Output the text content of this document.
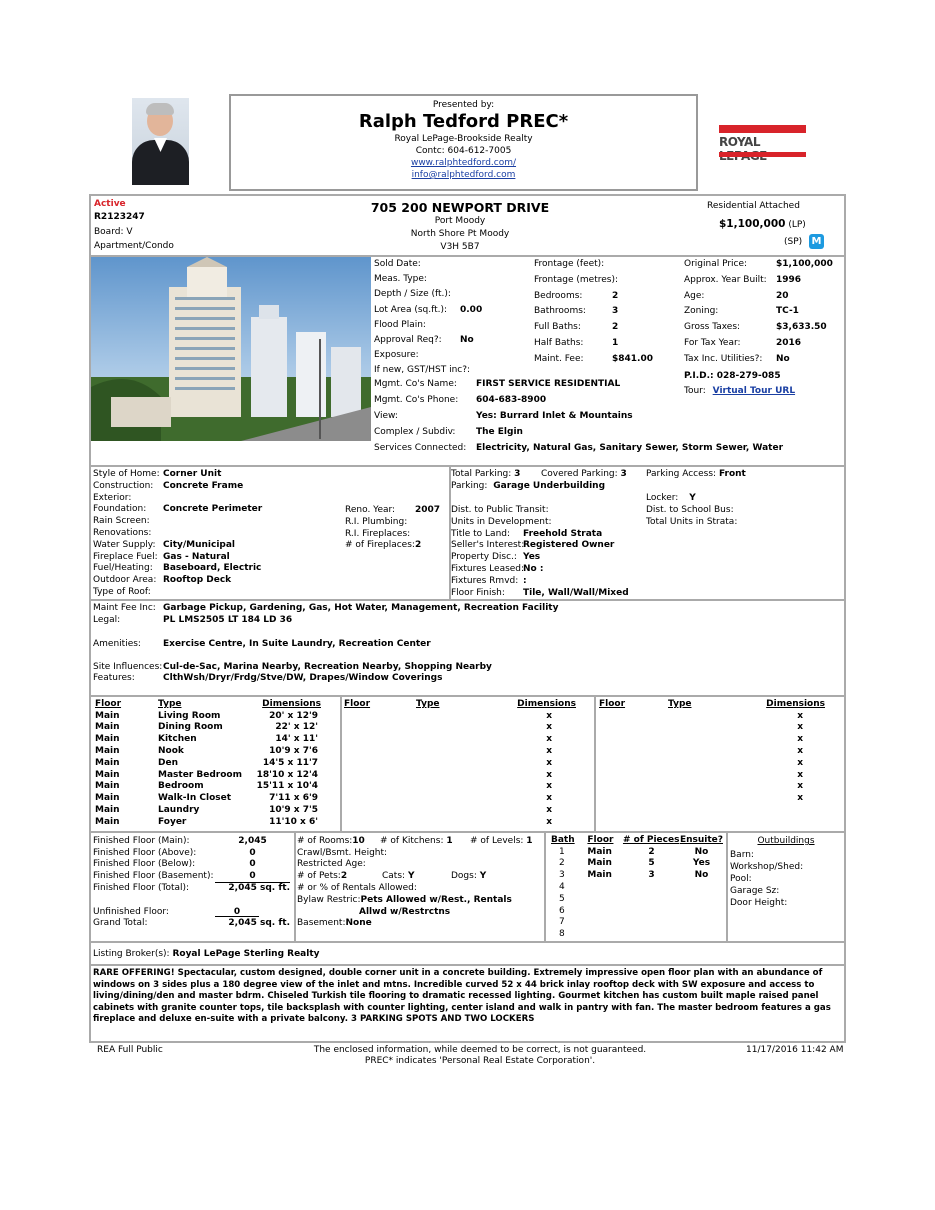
Presented by:
Ralph Tedford PREC*
Royal LePage-Brookside Realty
Contc: 604-612-7005
www.ralphtedford.com/
info@ralphtedford.com
ROYAL
Active
R2123247
Board: V
Apartment/Condo
705 200 NEWPORT DRIVE
Port Moody
North Shore Pt Moody
V3H 5B7
Residential Attached
$1,100,000 (LP)
(SP) M
Sold Date:
Meas. Type:
Depth / Size (ft.):
Lot Area (sq.ft.): 0.00
Flood Plain:
Approval Req?: No
Exposure:
If new, GST/HST inc?:
Frontage (feet):
Frontage (metres):
Bedrooms:	2
Bathrooms:	3
Full Baths:	2
Half Baths:	1
Maint. Fee:	$841.00
Original Price:	$1,100,000
Approx. Year Built: 1996
Age:	20
Zoning:	TC-1
Gross Taxes:	$3,633.50
For Tax Year:	2016
Tax Inc. Utilities?: No
P.I.D.: 028-279-085
Tour: Virtual Tour URL
Mgmt. Co's Name: FIRST SERVICE RESIDENTIAL
Mgmt. Co's Phone: 604-683-8900
View:	Yes: Burrard Inlet & Mountains
Complex / Subdiv: The Elgin
Services Connected: Electricity, Natural Gas, Sanitary Sewer, Storm Sewer, Water
Style of Home: Corner Unit
Construction: Concrete Frame
Exterior:
Foundation: Concrete Perimeter
Rain Screen:
Renovations:
Water Supply: City/Municipal
Fireplace Fuel: Gas - Natural
Fuel/Heating: Baseboard, Electric
Outdoor Area: Rooftop Deck
Type of Roof:
Reno. Year: 2007
R.I. Plumbing:
R.I. Fireplaces:
# of Fireplaces:2
Total Parking: 3 Covered Parking: 3 Parking Access: Front
Parking: Garage Underbuilding
Locker: Y
Dist. to Public Transit:
Units in Development:
Title to Land: Freehold Strata
Seller's Interest:Registered Owner
Property Disc.: Yes
Fixtures Leased:No :
Fixtures Rmvd: :
Floor Finish: Tile, Wall/Wall/Mixed
Dist. to School Bus:
Total Units in Strata:
Maint Fee Inc: Garbage Pickup, Gardening, Gas, Hot Water, Management, Recreation Facility
Legal:	PL LMS2505 LT 184 LD 36
Amenities: Exercise Centre, In Suite Laundry, Recreation Center
Site Influences: Cul-de-Sac, Marina Nearby, Recreation Nearby, Shopping Nearby
Features:	ClthWsh/Dryr/Frdg/Stve/DW, Drapes/Window Coverings
Floor	Type	Dimensions
Main	Living Room	20' x 12'9
Main	Dining Room	22' x 12'
Main	Kitchen	14' x 11'
Main	Nook	10'9 x 7'6
Main	Den	14'5 x 11'7
Main	Master Bedroom	18'10 x 12'4
Main	Bedroom	15'11 x 10'4
Main	Walk-In Closet	7'11 x 6'9
Main	Laundry	10'9 x 7'5
Main	Foyer	11'10 x 6'
Floor	Type	Dimensions
		x
		x
		x
		x
		x
		x
		x
		x
		x
		x
Floor	Type	Dimensions
		x
		x
		x
		x
		x
		x
		x
		x
Finished Floor (Main):	2,045
Finished Floor (Above):	0
Finished Floor (Below):	0
Finished Floor (Basement):	0
Finished Floor (Total):	2,045 sq. ft.
Unfinished Floor:	0
Grand Total:	2,045 sq. ft.
# of Rooms:10 # of Kitchens: 1 # of Levels: 1
Crawl/Bsmt. Height:
Restricted Age:
# of Pets:2	Cats: Y	Dogs: Y
# or % of Rentals Allowed:
Bylaw Restric:Pets Allowed w/Rest., Rentals
Allwd w/Restrctns
Basement:None
Bath	Floor	# of Pieces	Ensuite?
1	Main	2	No
2	Main	5	Yes
3	Main	3	No
4			
5			
6			
7			
8			
Outbuildings
Barn:
Workshop/Shed:
Pool:
Garage Sz:
Door Height:
Listing Broker(s): Royal LePage Sterling Realty
RARE OFFERING! Spectacular, custom designed, double corner unit in a concrete building. Extremely impressive open floor plan with an abundance of windows on 3 sides plus a 180 degree view of the inlet and mtns. Incredible curved 52 x 44 brick inlay rooftop deck with SW exposure and access to living/dining/den and master bdrm. Chiseled Turkish tile flooring to dramatic recessed lighting. Gourmet kitchen has custom built maple raised panel cabinets with granite counter tops, tile backsplash with counter lighting, center island and walk in pantry with fan. The master bedroom features a gas fireplace and deluxe en-suite with a private balcony. 3 PARKING SPOTS AND TWO LOCKERS
REA Full Public	The enclosed information, while deemed to be correct, is not guaranteed.
PREC* indicates 'Personal Real Estate Corporation'.
11/17/2016 11:42 AM
